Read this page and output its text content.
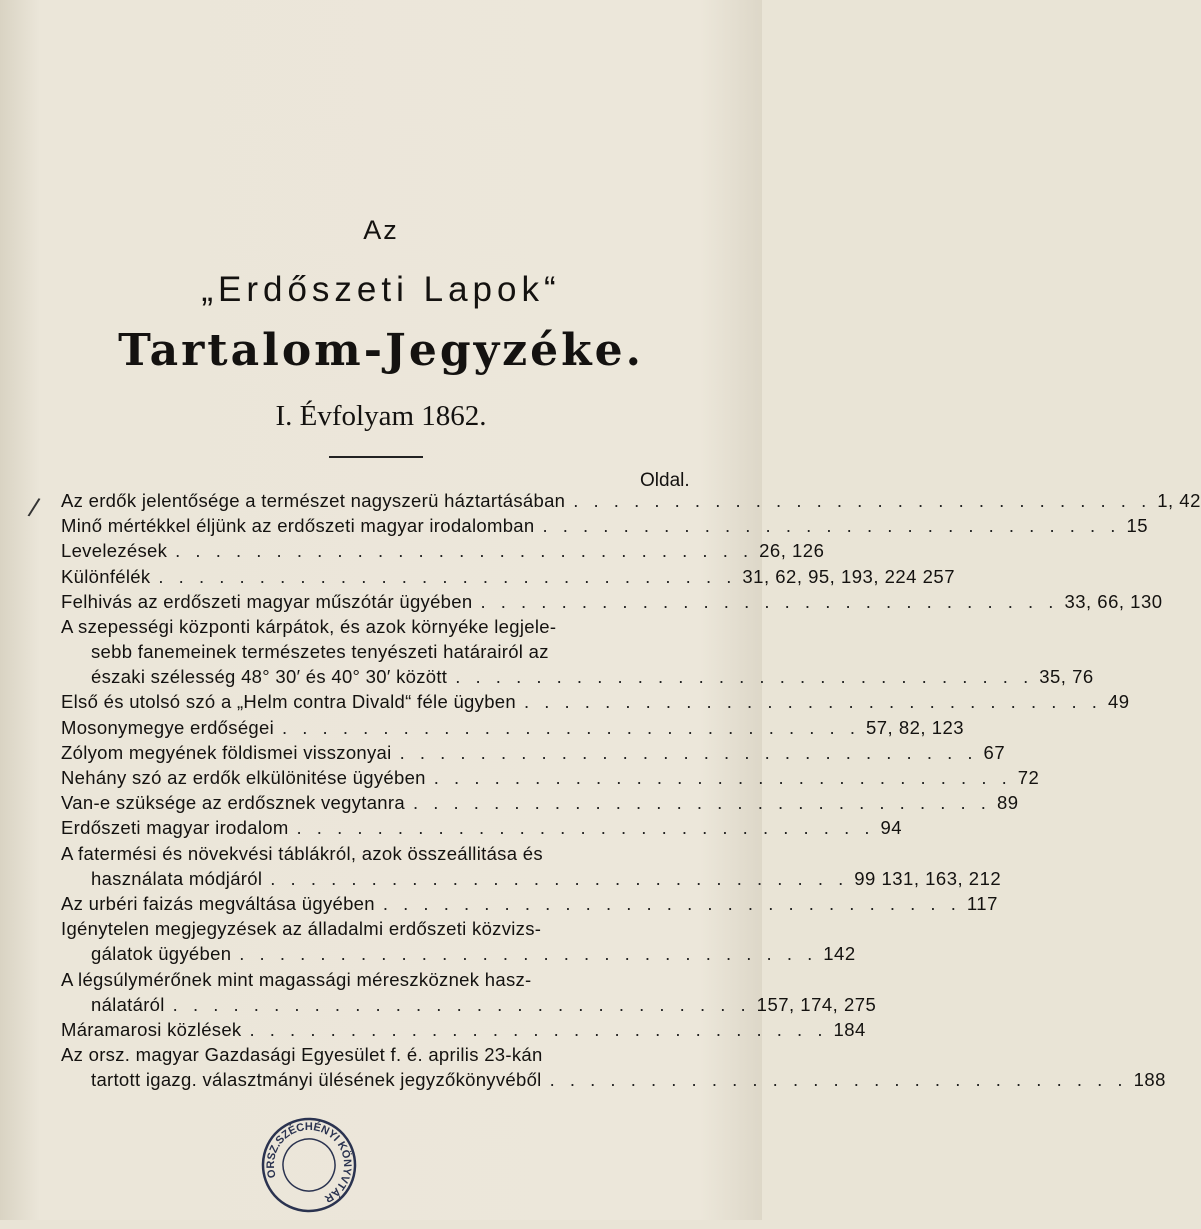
Az
„Erdőszeti Lapok“
Tartalom-Jegyzéke.
I. Évfolyam 1862.
Oldal.
/ Az erdők jelentősége a természet nagyszerü háztartásában . . . . . . . . . . . . . . . . . . . . . . . . . . . . . 1, 42
Minő mértékkel éljünk az erdőszeti magyar irodalomban . . . . . . . . . . . . . . . . . . . . . . . . . . . . . 15
Levelezések . . . . . . . . . . . . . . . . . . . . . . . . . . . . . 26, 126
Különfélék . . . . . . . . . . . . . . . . . . . . . . . . . . . . . 31, 62, 95, 193, 224 257
Felhivás az erdőszeti magyar műszótár ügyében . . . . . . . . . . . . . . . . . . . . . . . . . . . . . 33, 66, 130
A szepességi központi kárpátok, és azok környéke legjele-
sebb fanemeinek természetes tenyészeti határairól az
északi szélesség 48° 30′ és 40° 30′ között . . . . . . . . . . . . . . . . . . . . . . . . . . . . . 35, 76
Első és utolsó szó a „Helm contra Divald“ féle ügyben . . . . . . . . . . . . . . . . . . . . . . . . . . . . . 49
Mosonymegye erdőségei . . . . . . . . . . . . . . . . . . . . . . . . . . . . . 57, 82, 123
Zólyom megyének földismei visszonyai . . . . . . . . . . . . . . . . . . . . . . . . . . . . . 67
Nehány szó az erdők elkülönitése ügyében . . . . . . . . . . . . . . . . . . . . . . . . . . . . . 72
Van-e szüksége az erdősznek vegytanra . . . . . . . . . . . . . . . . . . . . . . . . . . . . . 89
Erdőszeti magyar irodalom . . . . . . . . . . . . . . . . . . . . . . . . . . . . . 94
A fatermési és növekvési táblákról, azok összeállitása és
használata módjáról . . . . . . . . . . . . . . . . . . . . . . . . . . . . . 99 131, 163, 212
Az urbéri faizás megváltása ügyében . . . . . . . . . . . . . . . . . . . . . . . . . . . . . 117
Igénytelen megjegyzések az álladalmi erdőszeti közvizs-
gálatok ügyében . . . . . . . . . . . . . . . . . . . . . . . . . . . . . 142
A légsúlymérőnek mint magassági méreszköznek hasz-
nálatáról . . . . . . . . . . . . . . . . . . . . . . . . . . . . . 157, 174, 275
Máramarosi közlések . . . . . . . . . . . . . . . . . . . . . . . . . . . . . 184
Az orsz. magyar Gazdasági Egyesület f. é. aprilis 23-kán
tartott igazg. választmányi ülésének jegyzőkönyvéből . . . . . . . . . . . . . . . . . . . . . . . . . . . . . 188
ORSZ.SZÉCHÉNYI KÖNYVTÁR
